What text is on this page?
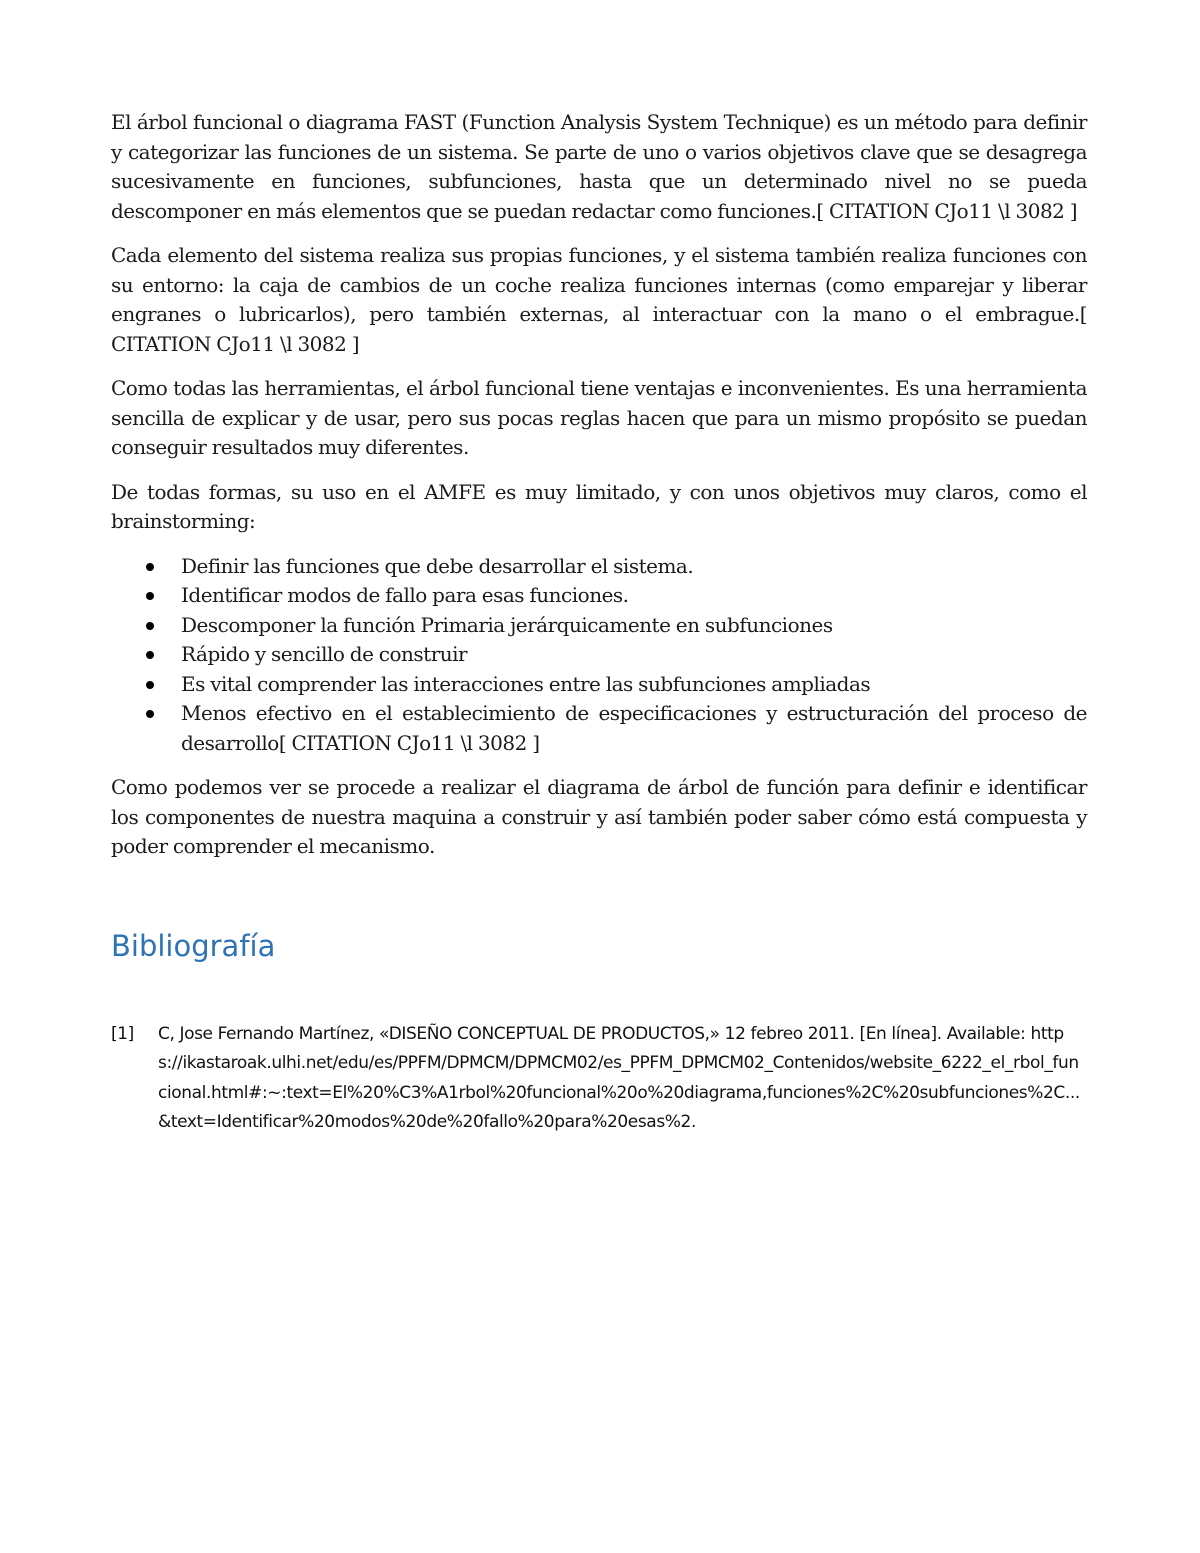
El árbol funcional o diagrama FAST (Function Analysis System Technique) es un método para definir y categorizar las funciones de un sistema. Se parte de uno o varios objetivos clave que se desagrega sucesivamente en funciones, subfunciones, hasta que un determinado nivel no se pueda descomponer en más elementos que se puedan redactar como funciones.[ CITATION CJo11 \l 3082 ]

Cada elemento del sistema realiza sus propias funciones, y el sistema también realiza funciones con su entorno: la caja de cambios de un coche realiza funciones internas (como emparejar y liberar engranes o lubricarlos), pero también externas, al interactuar con la mano o el embrague.[ CITATION CJo11 \l 3082 ]

Como todas las herramientas, el árbol funcional tiene ventajas e inconvenientes. Es una herramienta sencilla de explicar y de usar, pero sus pocas reglas hacen que para un mismo propósito se puedan conseguir resultados muy diferentes.

De todas formas, su uso en el AMFE es muy limitado, y con unos objetivos muy claros, como el brainstorming:

Definir las funciones que debe desarrollar el sistema.
Identificar modos de fallo para esas funciones.
Descomponer la función Primaria jerárquicamente en subfunciones
Rápido y sencillo de construir
Es vital comprender las interacciones entre las subfunciones ampliadas
Menos efectivo en el establecimiento de especificaciones y estructuración del proceso de desarrollo[ CITATION CJo11 \l 3082 ]

Como podemos ver se procede a realizar el diagrama de árbol de función para definir e identificar los componentes de nuestra maquina a construir y así también poder saber cómo está compuesta y poder comprender el mecanismo.

Bibliografía
[1]	C, Jose Fernando Martínez, «DISEÑO CONCEPTUAL DE PRODUCTOS,» 12 febreo 2011. [En línea]. Available: https://ikastaroak.ulhi.net/edu/es/PPFM/DPMCM/DPMCM02/es_PPFM_DPMCM02_Contenidos/website_6222_el_rbol_funcional.html#:~:text=El%20%C3%A1rbol%20funcional%20o%20diagrama,funciones%2C%20subfunciones%2C...&text=Identificar%20modos%20de%20fallo%20para%20esas%2.
